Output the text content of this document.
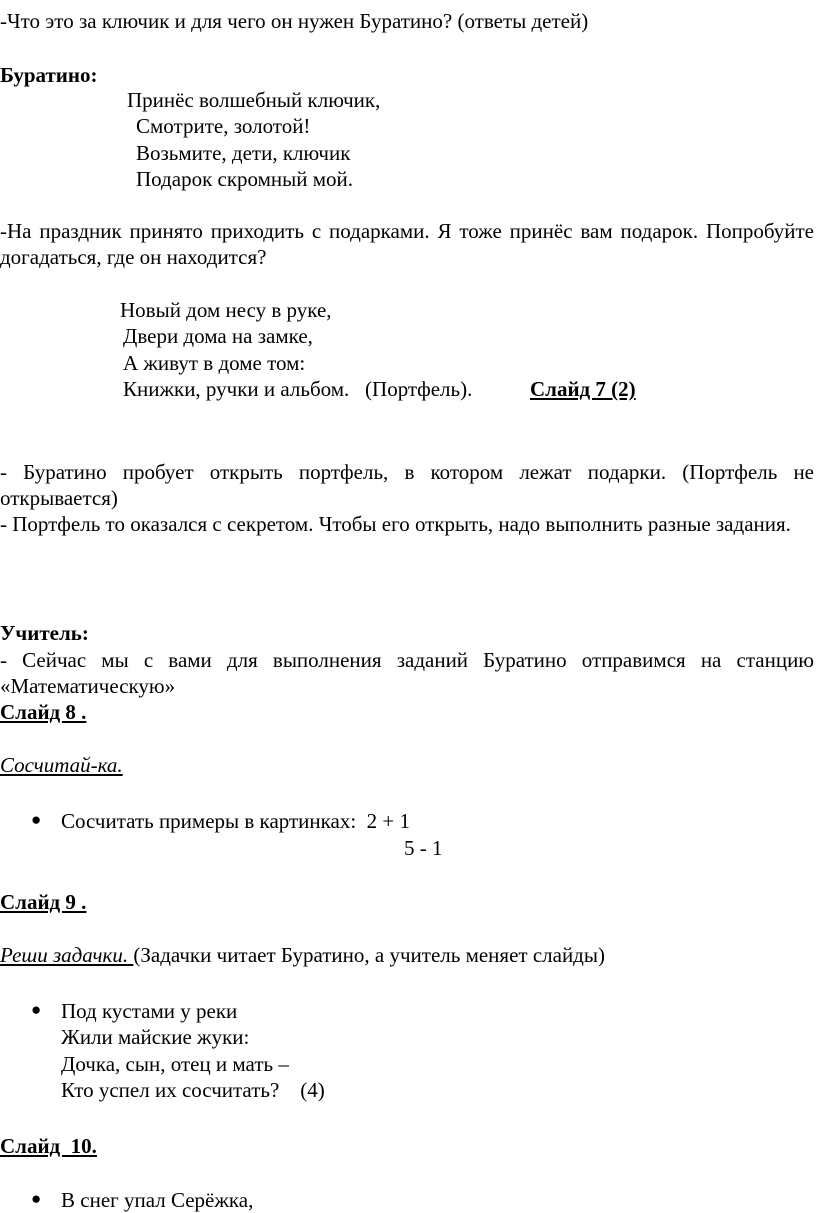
-Что это за ключик и для чего он нужен Буратино? (ответы детей)
Буратино:
Принёс волшебный ключик,
Смотрите, золотой!
Возьмите, дети, ключик
Подарок скромный мой.
-На праздник принято приходить с подарками. Я тоже принёс вам подарок. Попробуйте догадаться, где он находится?
Новый дом несу в руке,
Двери дома на замке,
А живут в доме том:
Книжки, ручки и альбом.   (Портфель).	Слайд 7 (2)
- Буратино пробует открыть портфель, в котором лежат подарки. (Портфель не открывается)
- Портфель то оказался с секретом. Чтобы его открыть, надо выполнить разные задания.
Учитель:
- Сейчас мы с вами для выполнения заданий Буратино отправимся на станцию «Математическую»
Слайд 8 .
Сосчитай-ка.
● Сосчитать примеры в картинках:  2 + 1
5 - 1
Слайд 9 .
Реши задачки. (Задачки читает Буратино, а учитель меняет слайды)
● Под кустами у реки
Жили майские жуки:
Дочка, сын, отец и мать –
Кто успел их сосчитать?    (4)
Слайд  10.
● В снег упал Серёжка,
